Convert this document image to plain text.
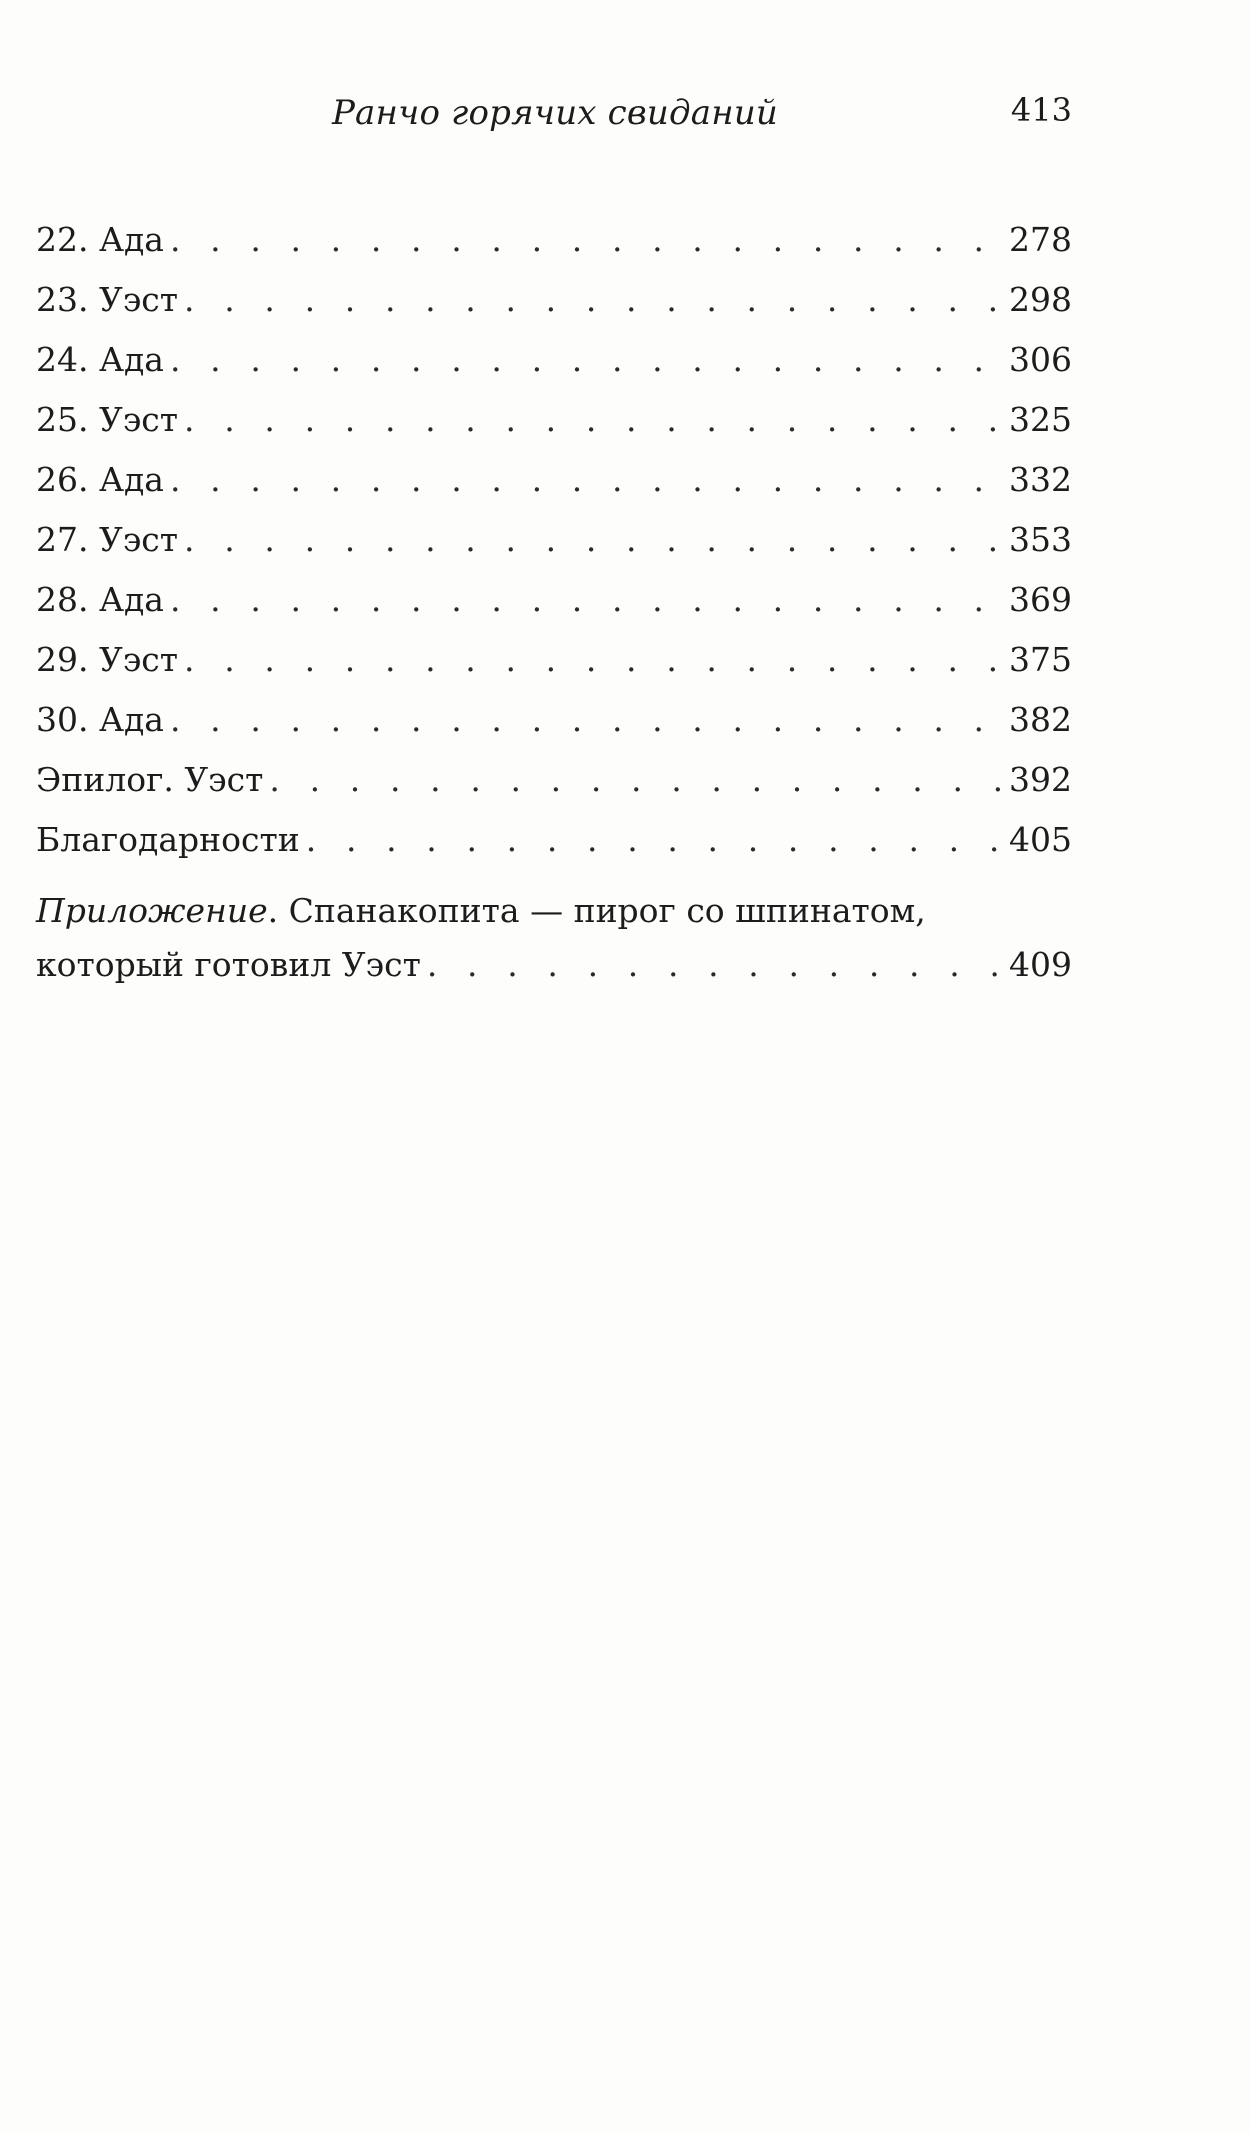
Ранчо горячих свиданий	413
22. Ада . . .	278
23. Уэст . . .	298
24. Ада . . .	306
25. Уэст . . .	325
26. Ада . . .	332
27. Уэст . . .	353
28. Ада . . .	369
29. Уэст . . .	375
30. Ада . . .	382
Эпилог. Уэст . . .	392
Благодарности . . .	405
Приложение. Спанакопита — пирог со шпинатом,
который готовил Уэст . . .	409
